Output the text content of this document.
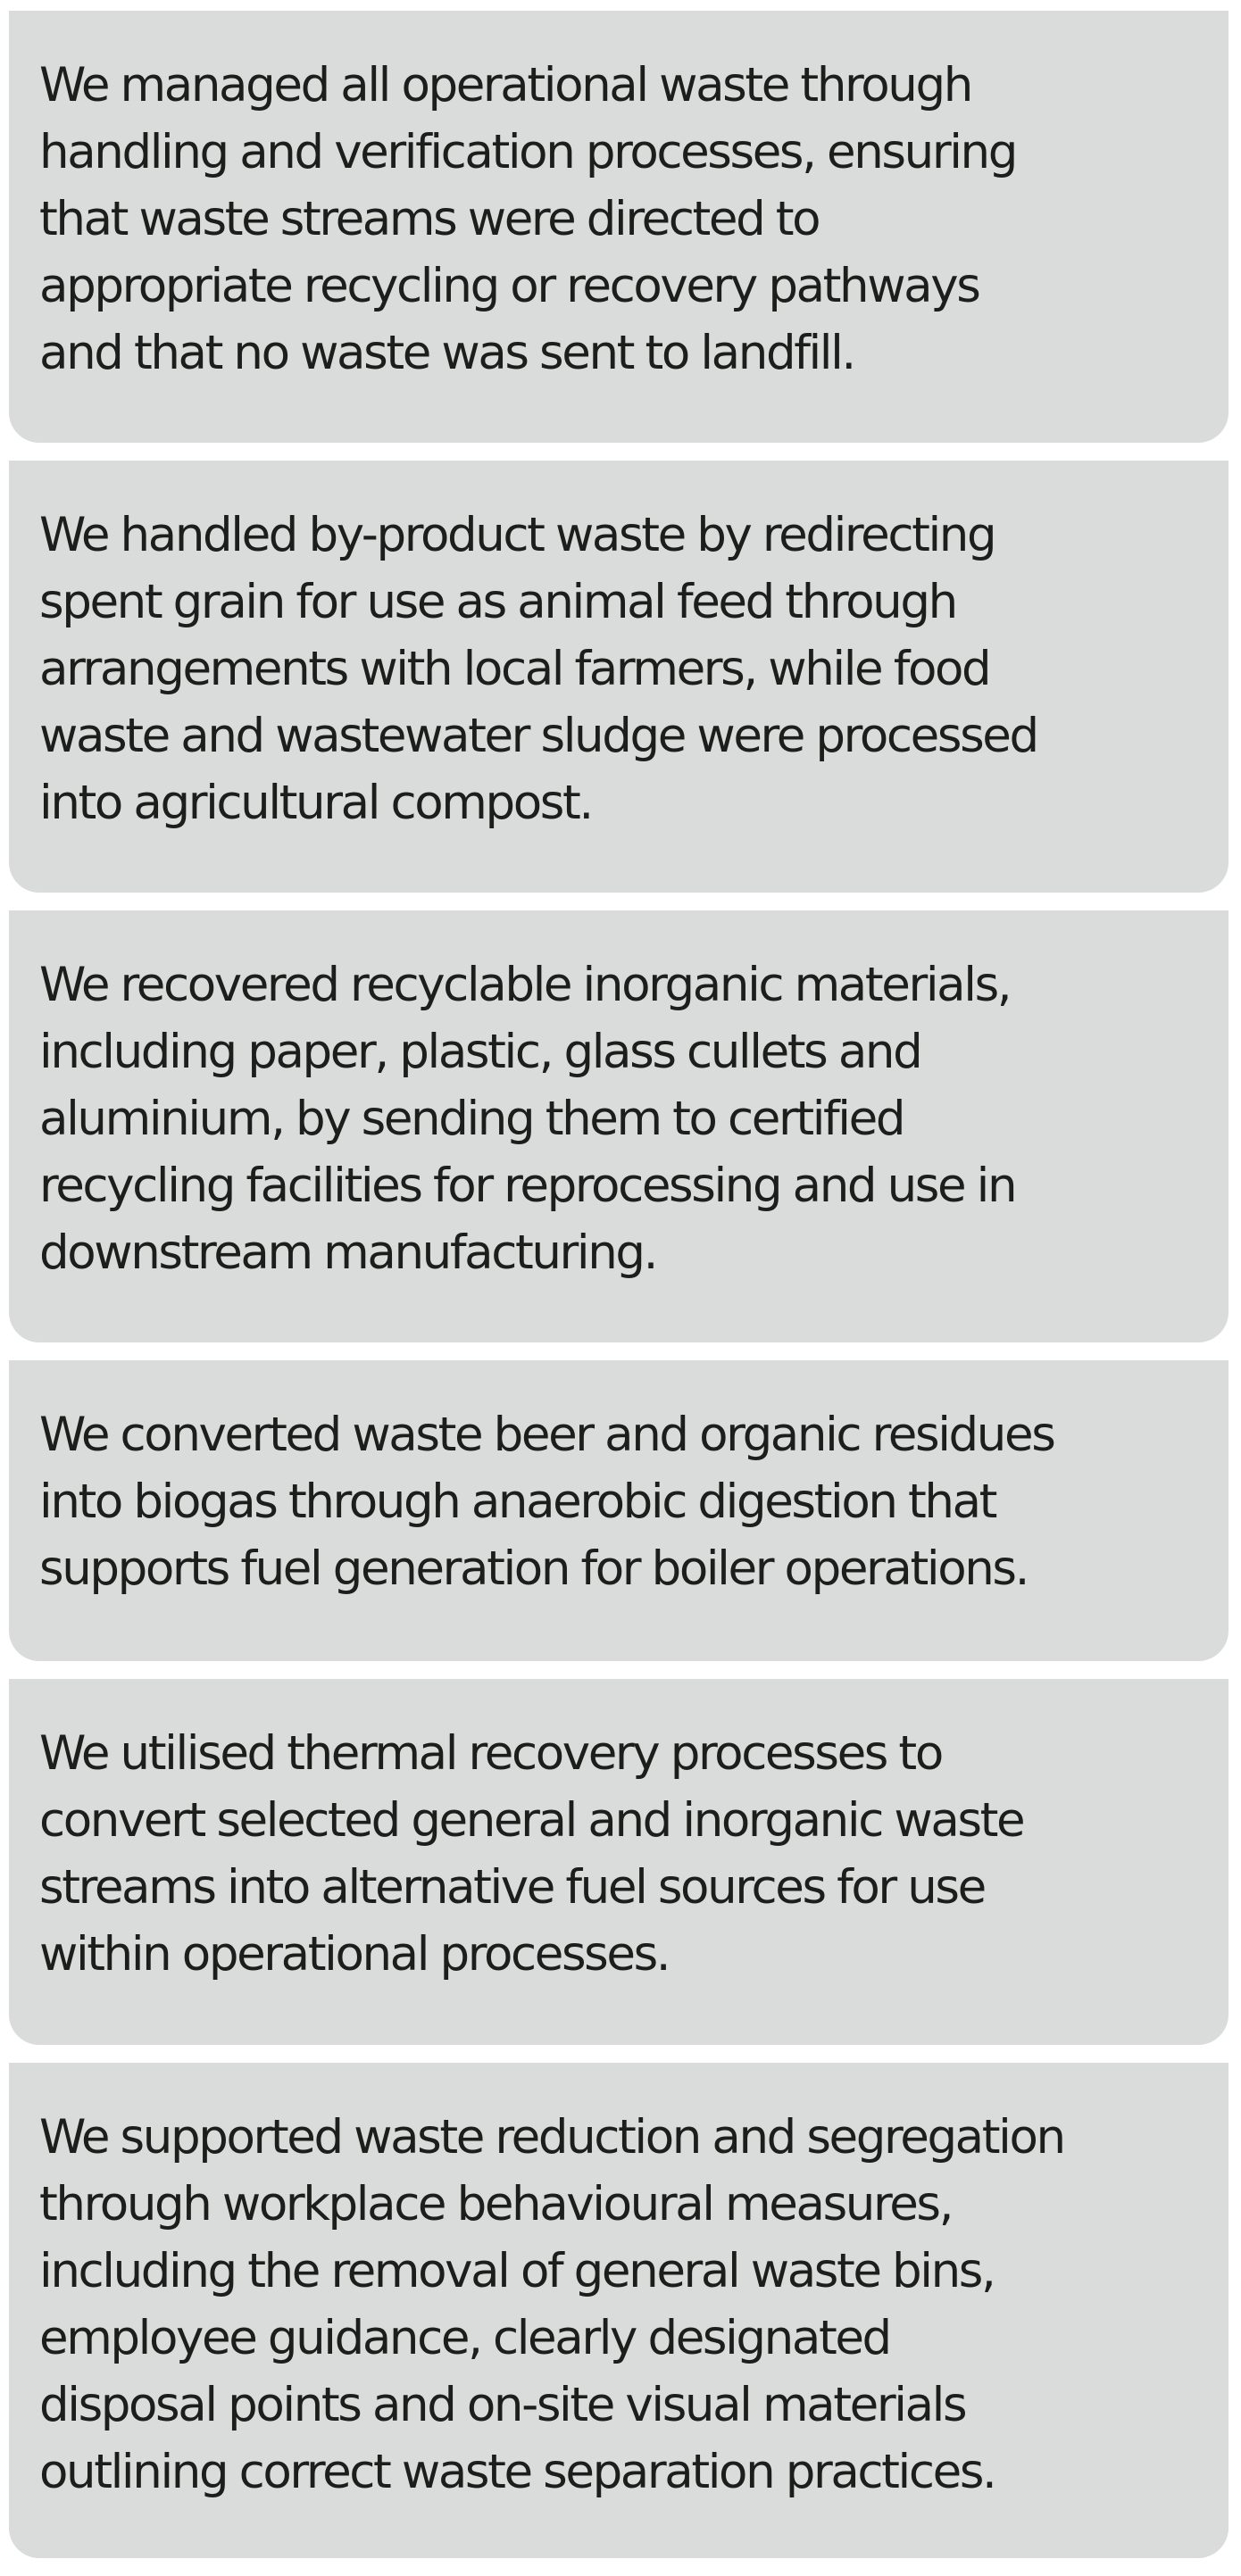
We managed all operational waste through
handling and verification processes, ensuring
that waste streams were directed to
appropriate recycling or recovery pathways
and that no waste was sent to landfill.

We handled by-product waste by redirecting
spent grain for use as animal feed through
arrangements with local farmers, while food
waste and wastewater sludge were processed
into agricultural compost.

We recovered recyclable inorganic materials,
including paper, plastic, glass cullets and
aluminium, by sending them to certified
recycling facilities for reprocessing and use in
downstream manufacturing.

We converted waste beer and organic residues
into biogas through anaerobic digestion that
supports fuel generation for boiler operations.

We utilised thermal recovery processes to
convert selected general and inorganic waste
streams into alternative fuel sources for use
within operational processes.

We supported waste reduction and segregation
through workplace behavioural measures,
including the removal of general waste bins,
employee guidance, clearly designated
disposal points and on-site visual materials
outlining correct waste separation practices.
